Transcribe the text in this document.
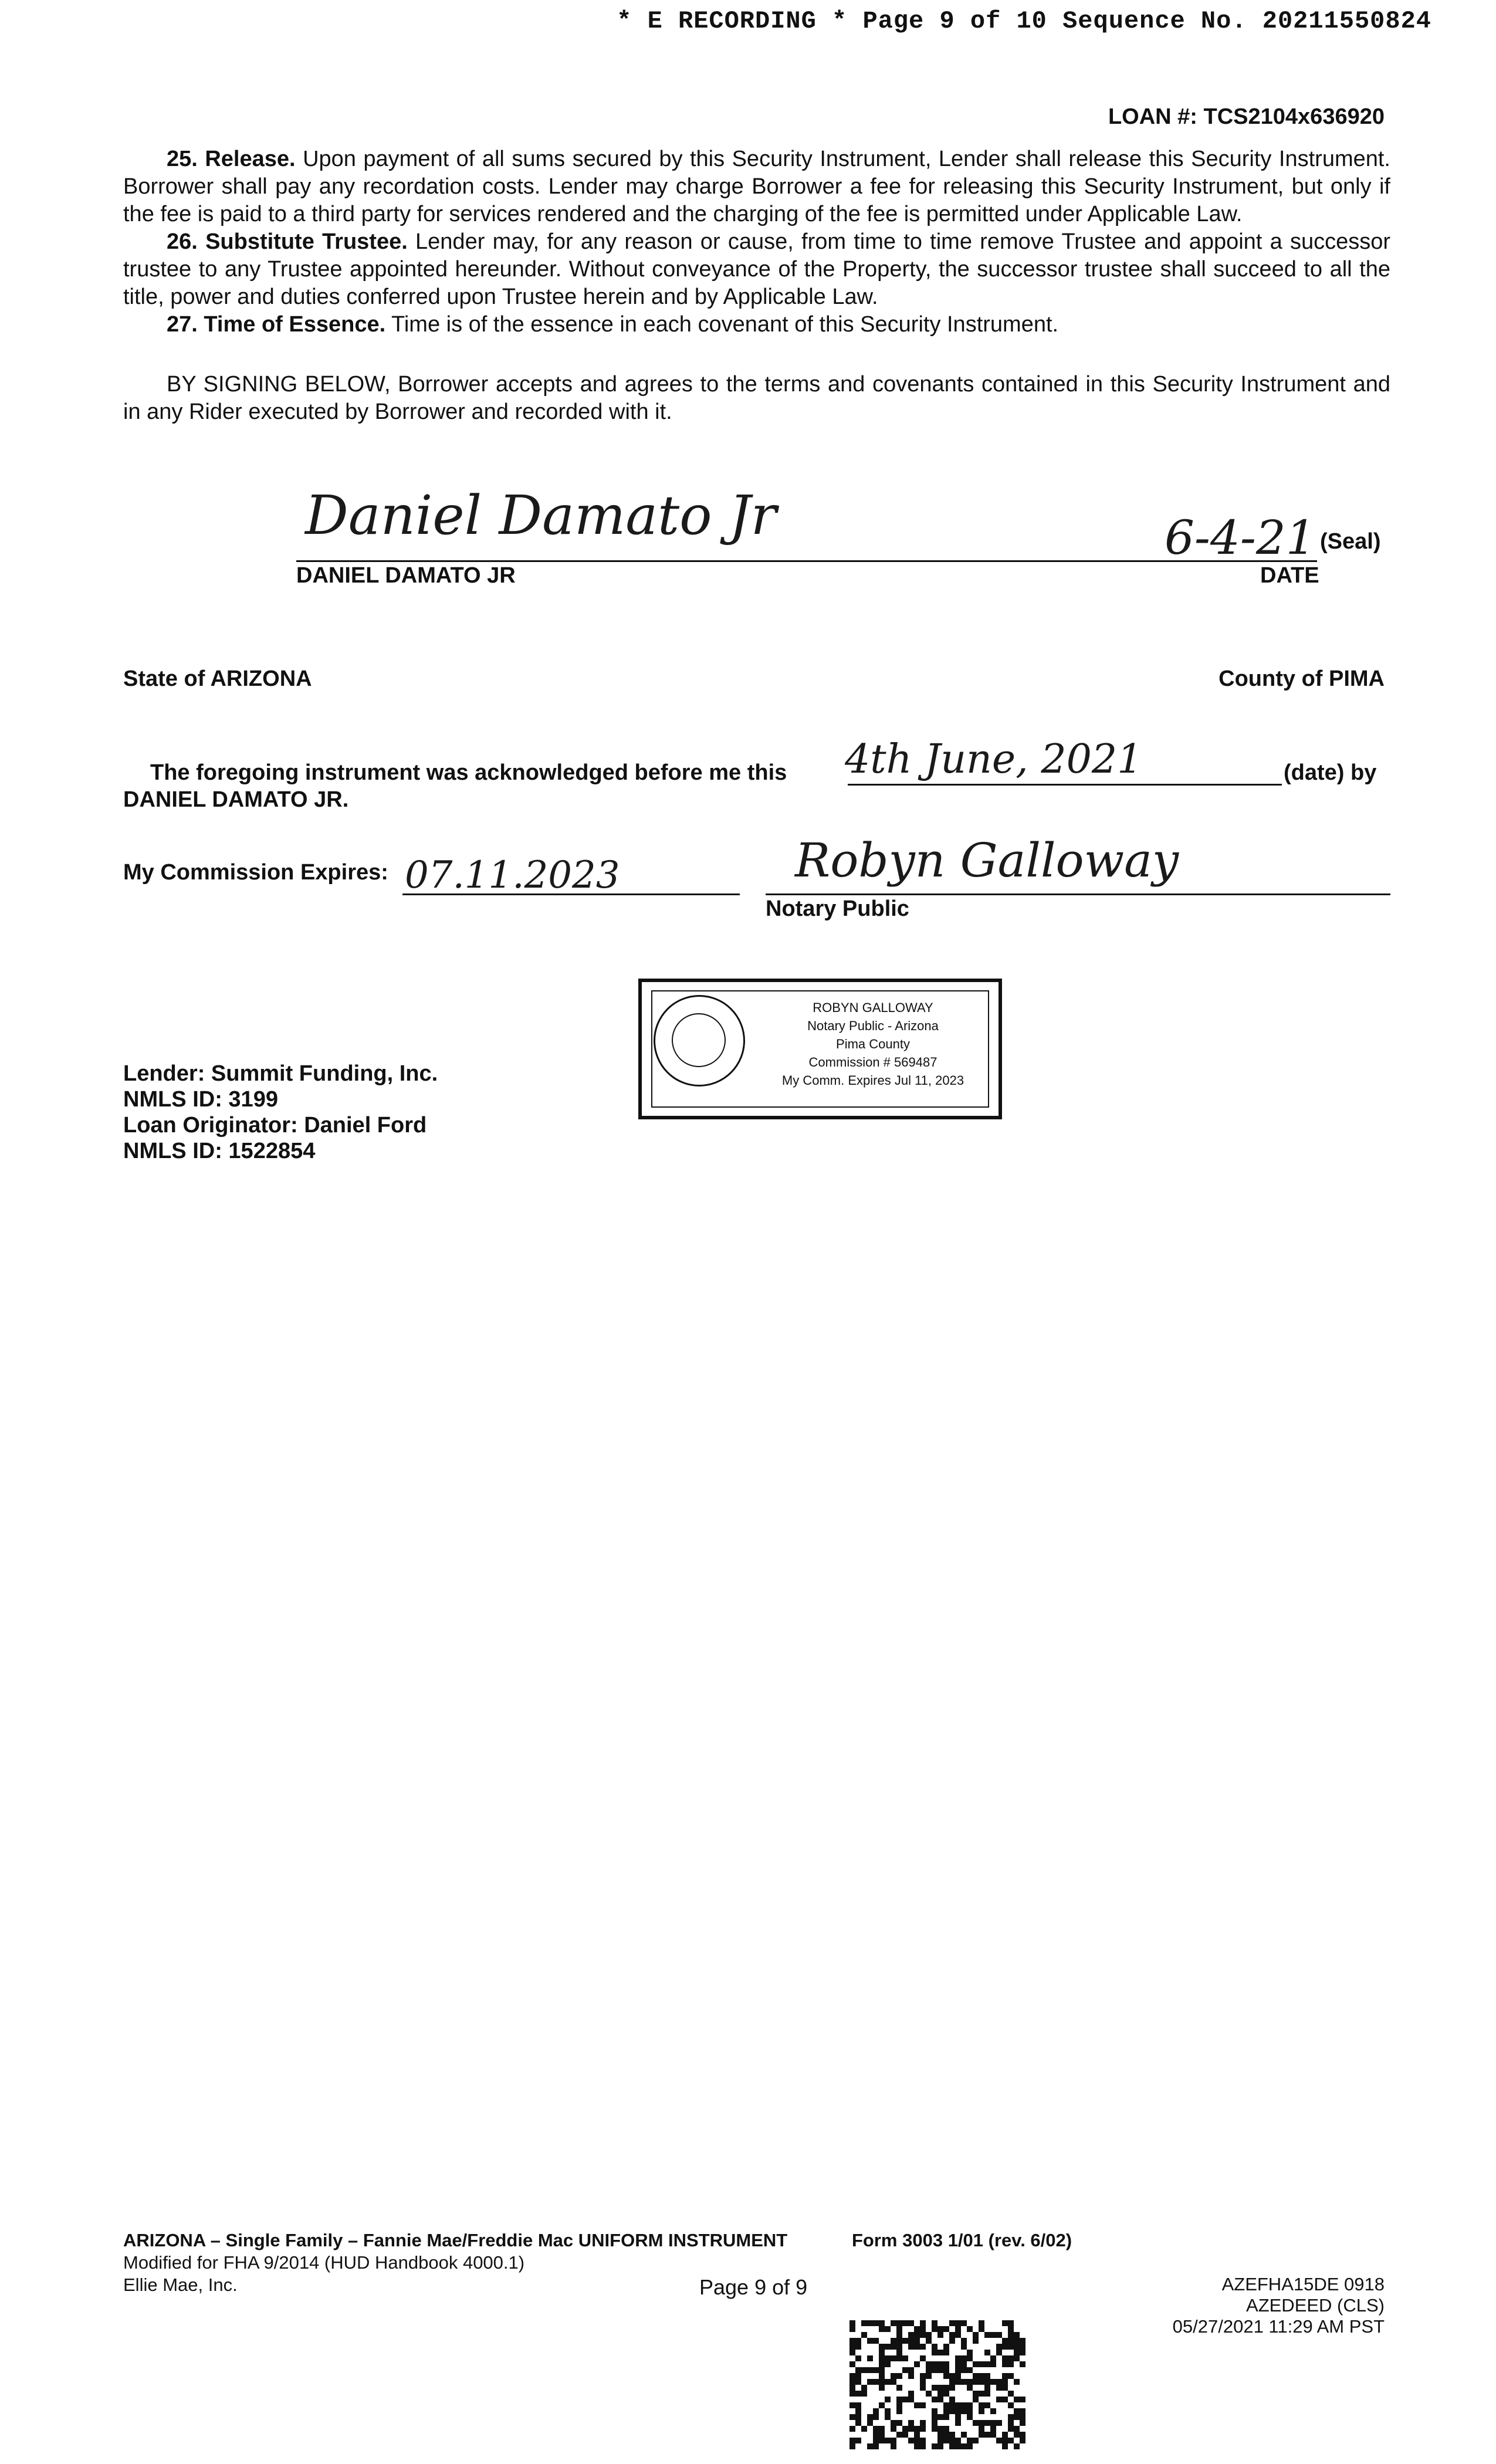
* E RECORDING * Page 9 of 10 Sequence No. 20211550824
LOAN #: TCS2104x636920

25. Release. Upon payment of all sums secured by this Security Instrument, Lender shall release this Security Instrument. Borrower shall pay any recordation costs. Lender may charge Borrower a fee for releasing this Security Instrument, but only if the fee is paid to a third party for services rendered and the charging of the fee is permitted under Applicable Law.

26. Substitute Trustee. Lender may, for any reason or cause, from time to time remove Trustee and appoint a successor trustee to any Trustee appointed hereunder. Without conveyance of the Property, the successor trustee shall succeed to all the title, power and duties conferred upon Trustee herein and by Applicable Law.

27. Time of Essence. Time is of the essence in each covenant of this Security Instrument.

BY SIGNING BELOW, Borrower accepts and agrees to the terms and covenants contained in this Security Instrument and in any Rider executed by Borrower and recorded with it.
Daniel Damato Jr	6-4-21 (Seal)
DANIEL DAMATO JR	DATE
State of ARIZONA	County of PIMA
The foregoing instrument was acknowledged before me this 4th June, 2021	(date) by
DANIEL DAMATO JR.
My Commission Expires: 07.11.2023	Robyn Galloway
Notary Public
ROBYN GALLOWAY
Notary Public - Arizona
Pima County
Commission # 569487
My Comm. Expires Jul 11, 2023
Lender: Summit Funding, Inc.
NMLS ID: 3199
Loan Originator: Daniel Ford
NMLS ID: 1522854
ARIZONA – Single Family – Fannie Mae/Freddie Mac UNIFORM INSTRUMENT	Form 3003 1/01 (rev. 6/02)
Modified for FHA 9/2014 (HUD Handbook 4000.1)
Ellie Mae, Inc.	Page 9 of 9	AZEFHA15DE 0918
AZEDEED (CLS)
05/27/2021 11:29 AM PST
